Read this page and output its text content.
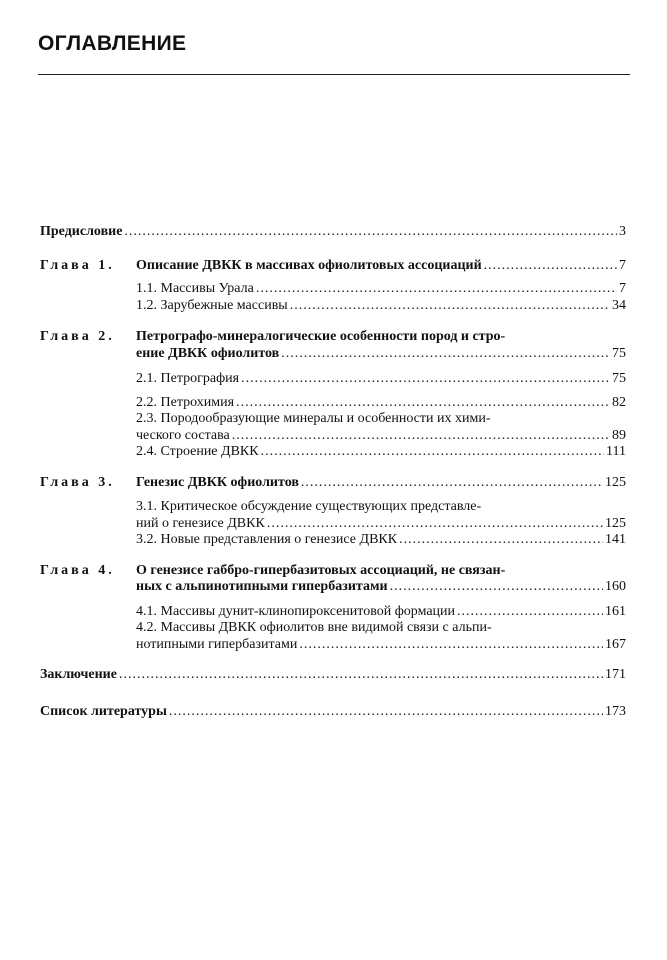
ОГЛАВЛЕНИЕ
Предисловие .....	3
Глава 1. Описание ДВКК в массивах офиолитовых ассоциаций .....	7
1.1. Массивы Урала .....	7
1.2. Зарубежные массивы .....	34
Глава 2. Петрографо-минералогические особенности пород и стро-
ение ДВКК офиолитов .....	75
2.1. Петрография .....	75
2.2. Петрохимия .....	82
2.3. Породообразующие минералы и особенности их хими-
ческого состава .....	89
2.4. Строение ДВКК .....	111
Глава 3. Генезис ДВКК офиолитов .....	125
3.1. Критическое обсуждение существующих представле-
ний о генезисе ДВКК .....	125
3.2. Новые представления о генезисе ДВКК .....	141
Глава 4. О генезисе габбро-гипербазитовых ассоциаций, не связан-
ных с альпинотипными гипербазитами .....	160
4.1. Массивы дунит-клинопироксенитовой формации .....	161
4.2. Массивы ДВКК офиолитов вне видимой связи с альпи-
нотипными гипербазитами .....	167
Заключение .....	171
Список литературы .....	173
